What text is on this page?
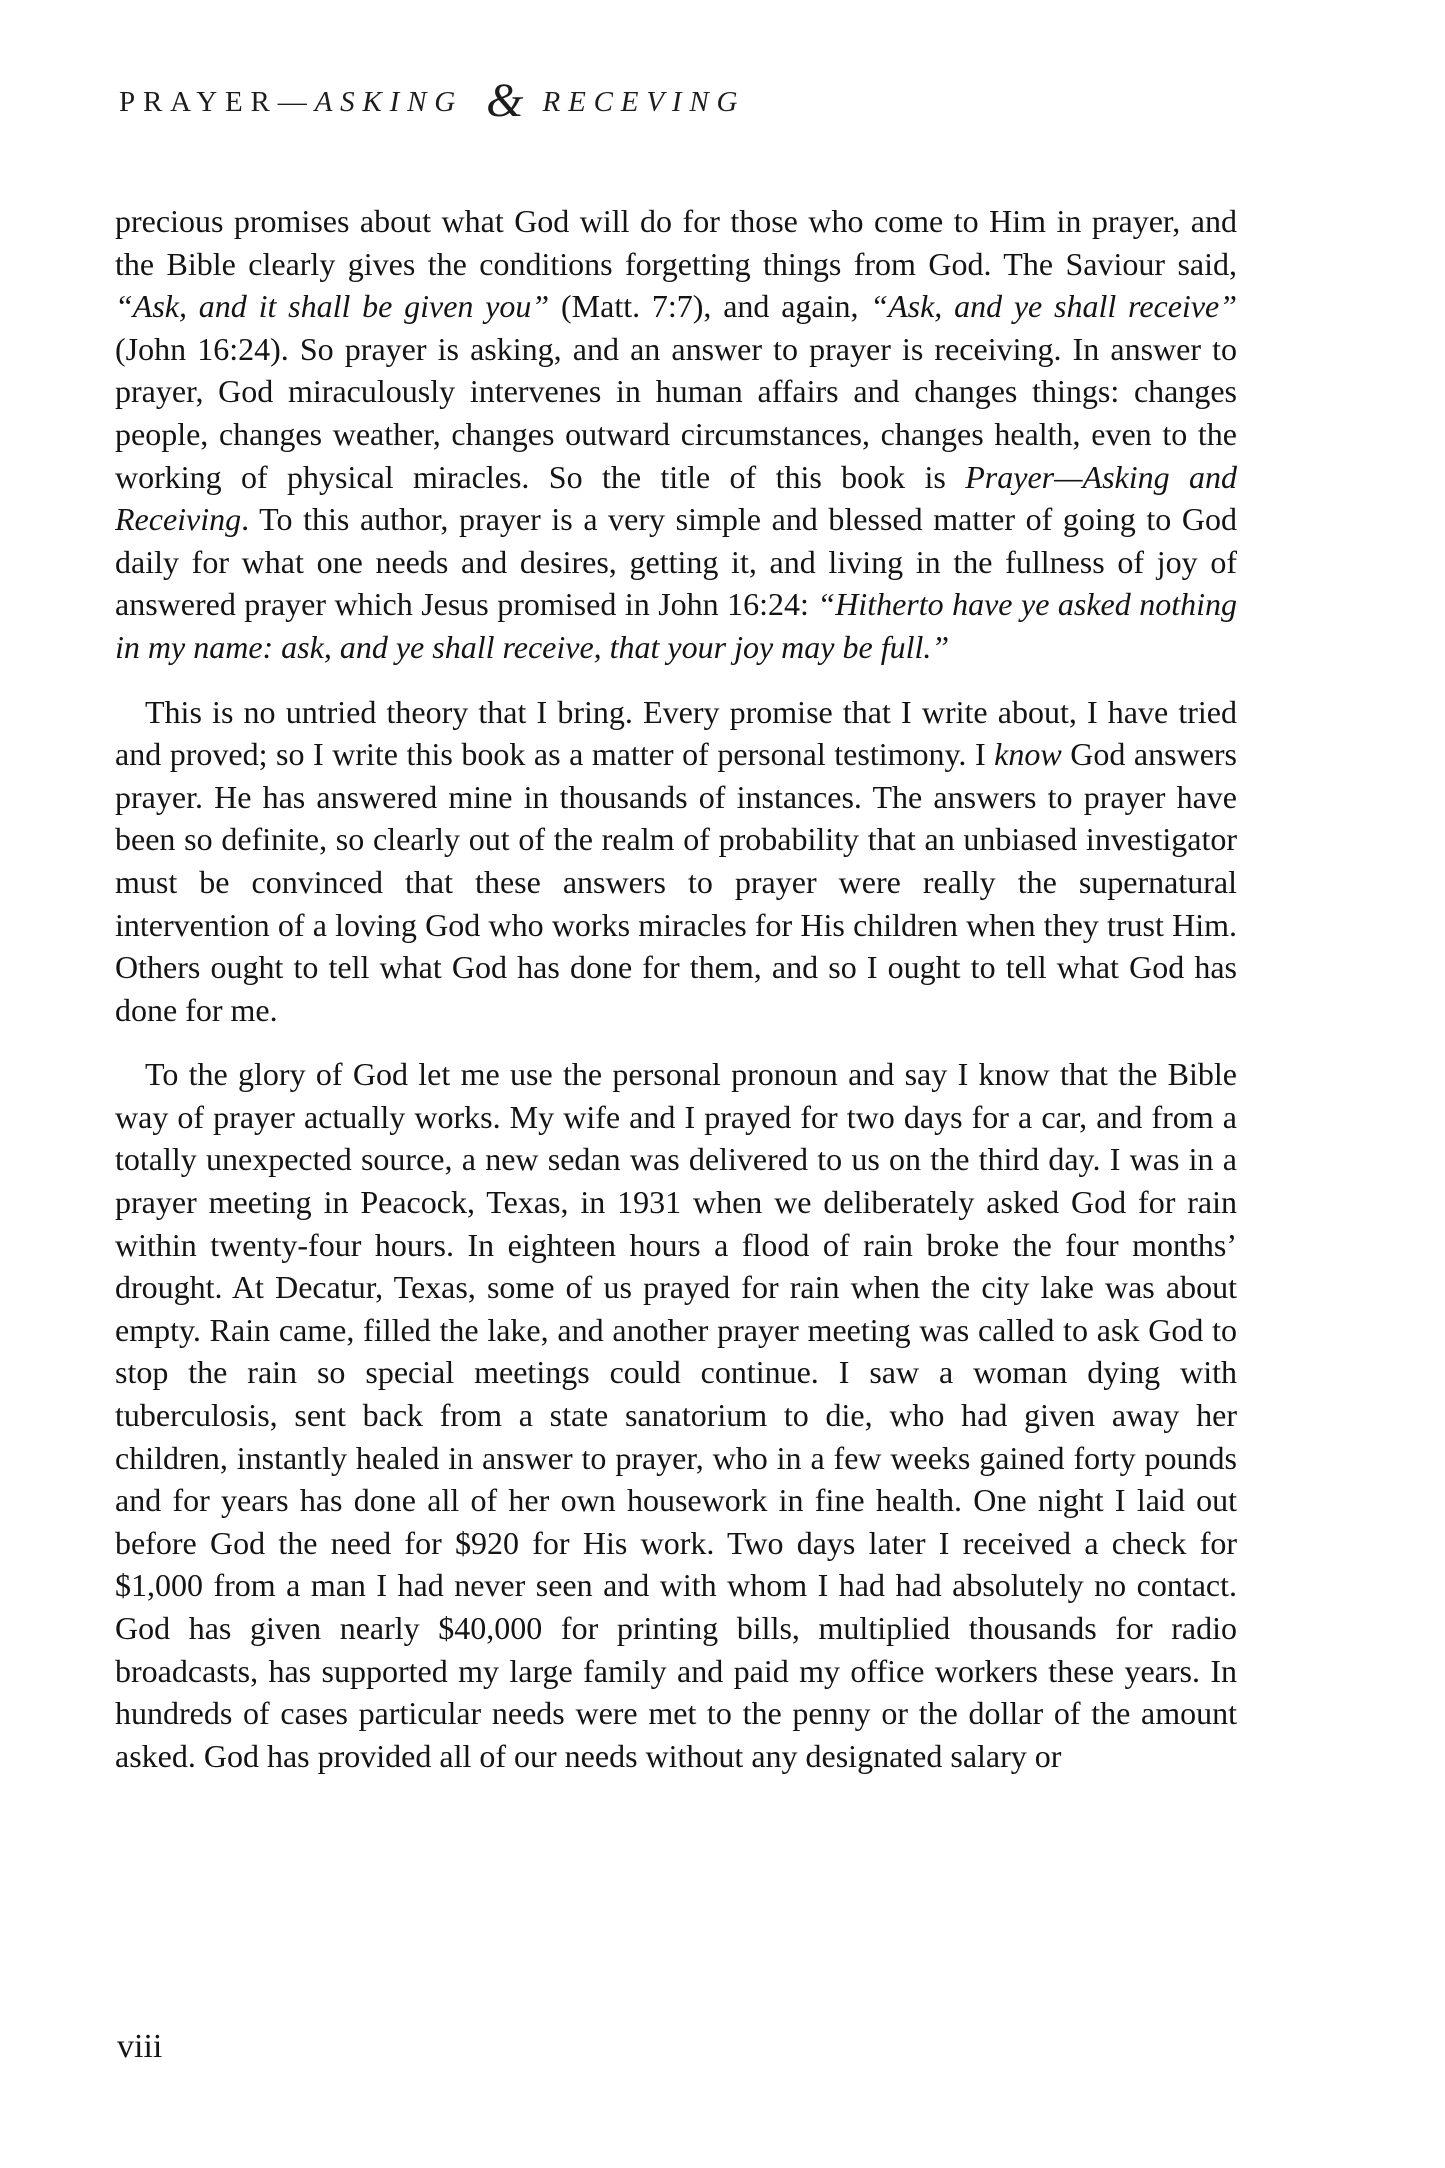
PRAYER—ASKING & RECEVING

precious promises about what God will do for those who come to Him in prayer, and the Bible clearly gives the conditions forgetting things from God. The Saviour said, “Ask, and it shall be given you” (Matt. 7:7), and again, “Ask, and ye shall receive” (John 16:24). So prayer is asking, and an answer to prayer is receiving. In answer to prayer, God miraculously intervenes in human affairs and changes things: changes people, changes weather, changes outward circumstances, changes health, even to the working of physical miracles. So the title of this book is Prayer—Asking and Receiving. To this author, prayer is a very simple and blessed matter of going to God daily for what one needs and desires, getting it, and living in the fullness of joy of answered prayer which Jesus promised in John 16:24: “Hitherto have ye asked nothing in my name: ask, and ye shall receive, that your joy may be full.”

This is no untried theory that I bring. Every promise that I write about, I have tried and proved; so I write this book as a matter of personal testimony. I know God answers prayer. He has answered mine in thousands of instances. The answers to prayer have been so definite, so clearly out of the realm of probability that an unbiased investigator must be convinced that these answers to prayer were really the supernatural intervention of a loving God who works miracles for His children when they trust Him. Others ought to tell what God has done for them, and so I ought to tell what God has done for me.

To the glory of God let me use the personal pronoun and say I know that the Bible way of prayer actually works. My wife and I prayed for two days for a car, and from a totally unexpected source, a new sedan was delivered to us on the third day. I was in a prayer meeting in Peacock, Texas, in 1931 when we deliberately asked God for rain within twenty-four hours. In eighteen hours a flood of rain broke the four months’ drought. At Decatur, Texas, some of us prayed for rain when the city lake was about empty. Rain came, filled the lake, and another prayer meeting was called to ask God to stop the rain so special meetings could continue. I saw a woman dying with tuberculosis, sent back from a state sanatorium to die, who had given away her children, instantly healed in answer to prayer, who in a few weeks gained forty pounds and for years has done all of her own housework in fine health. One night I laid out before God the need for $920 for His work. Two days later I received a check for $1,000 from a man I had never seen and with whom I had had absolutely no contact. God has given nearly $40,000 for printing bills, multiplied thousands for radio broadcasts, has supported my large family and paid my office workers these years. In hundreds of cases particular needs were met to the penny or the dollar of the amount asked. God has provided all of our needs without any designated salary or

viii
